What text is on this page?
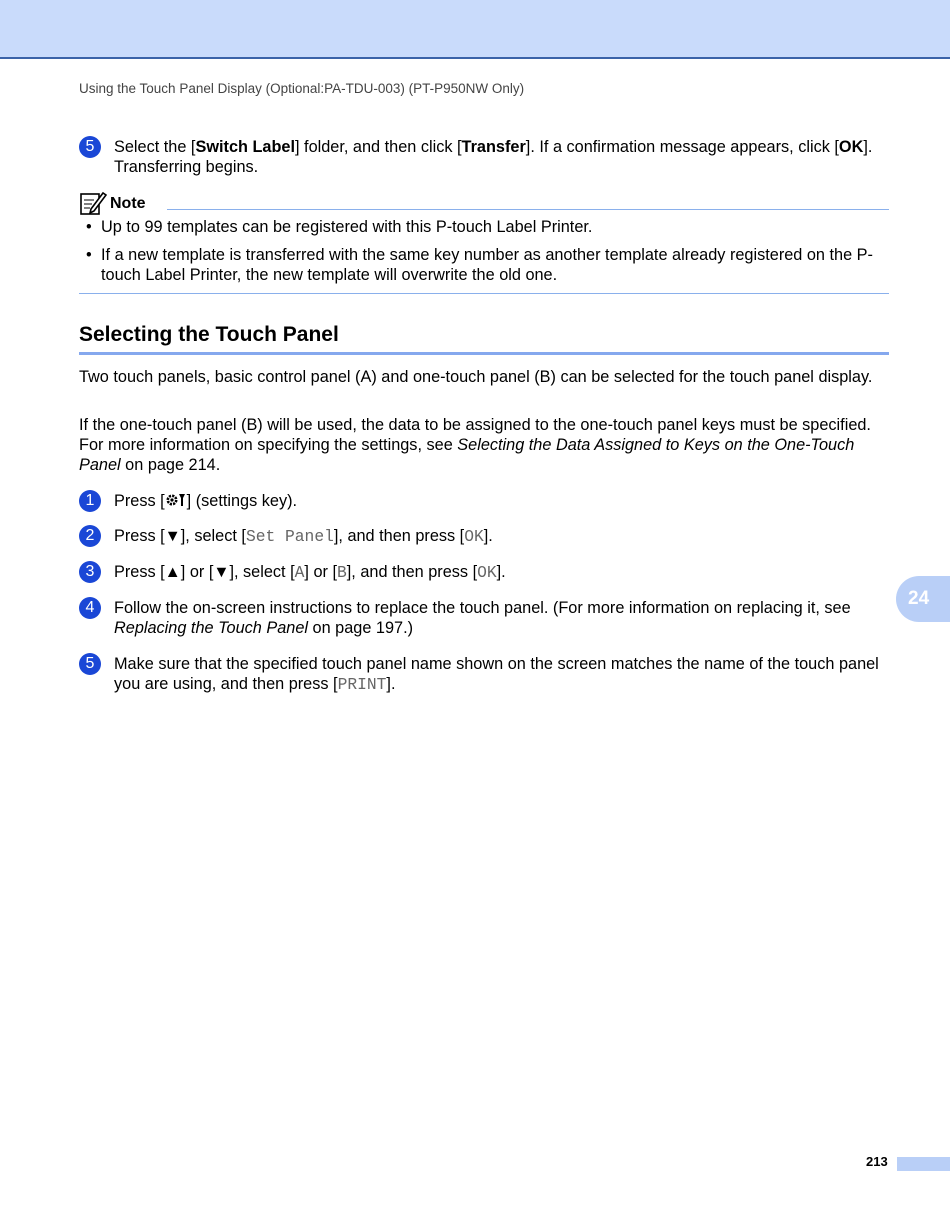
Using the Touch Panel Display (Optional:PA-TDU-003) (PT-P950NW Only)
5	Select the [Switch Label] folder, and then click [Transfer]. If a confirmation message appears, click [OK]. Transferring begins.
Note
• Up to 99 templates can be registered with this P-touch Label Printer.
• If a new template is transferred with the same key number as another template already registered on the P-touch Label Printer, the new template will overwrite the old one.
Selecting the Touch Panel
Two touch panels, basic control panel (A) and one-touch panel (B) can be selected for the touch panel display.
If the one-touch panel (B) will be used, the data to be assigned to the one-touch panel keys must be specified. For more information on specifying the settings, see Selecting the Data Assigned to Keys on the One-Touch Panel on page 214.
1	Press [ ] (settings key).
2	Press [▼], select [Set Panel], and then press [OK].
3	Press [▲] or [▼], select [A] or [B], and then press [OK].
4	Follow the on-screen instructions to replace the touch panel. (For more information on replacing it, see Replacing the Touch Panel on page 197.)
5	Make sure that the specified touch panel name shown on the screen matches the name of the touch panel you are using, and then press [PRINT].
24
213
